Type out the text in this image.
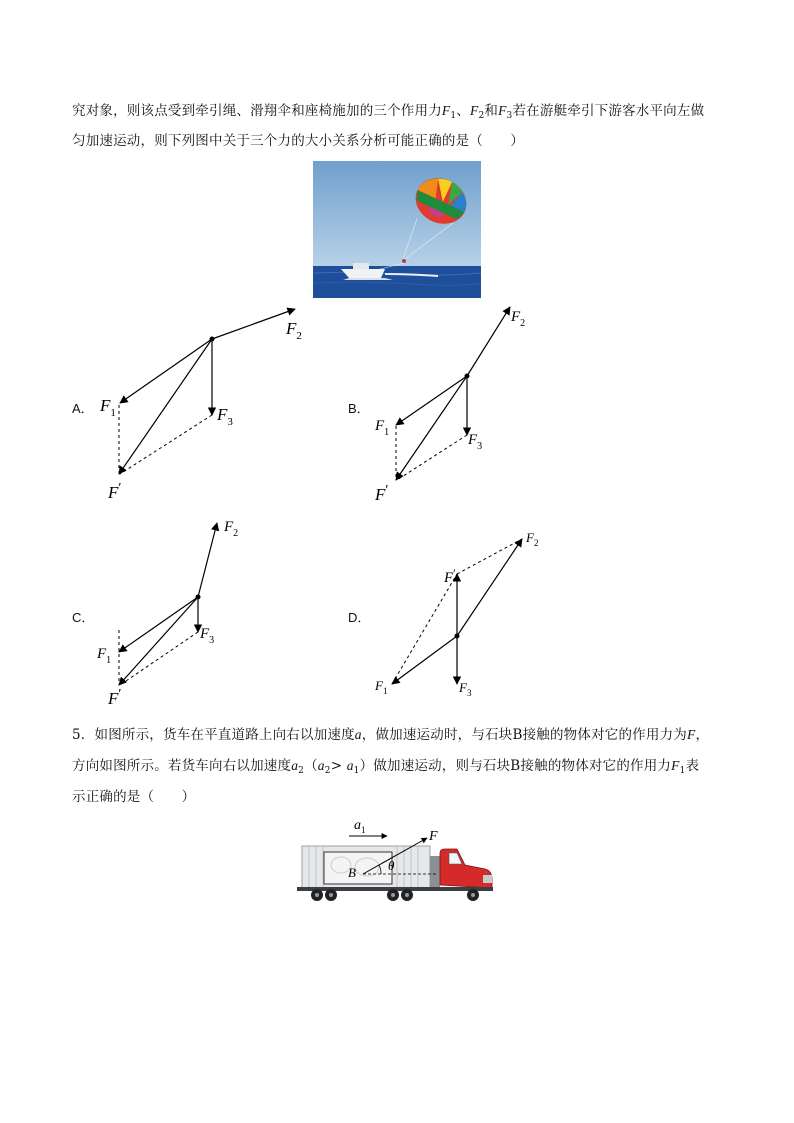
究对象，则该点受到牵引绳、滑翔伞和座椅施加的三个作用力$F_1$、$F_2$和$F_3$若在游艇牵引下游客水平向左做
匀加速运动，则下列图中关于三个力的大小关系分析可能正确的是（　　）
$F_2$
$F_1$	$F_3$
F′
$F_2$
$F_1$	$F_3$
F′
$F_2$
$F_1$
$F_3$
F′
$F_2$
F′
$F_1$	$F_3$
A．	B．
C．	D．
5．如图所示，货车在平直道路上向右以加速度a，做加速运动时，与石块B接触的物体对它的作用力为F，
方向如图所示。若货车向右以加速度$a_2(a_2> a_1)$做加速运动，则与石块B接触的物体对它的作用力$F_1$表
示正确的是（　　）
$a_1$	F
B θ
